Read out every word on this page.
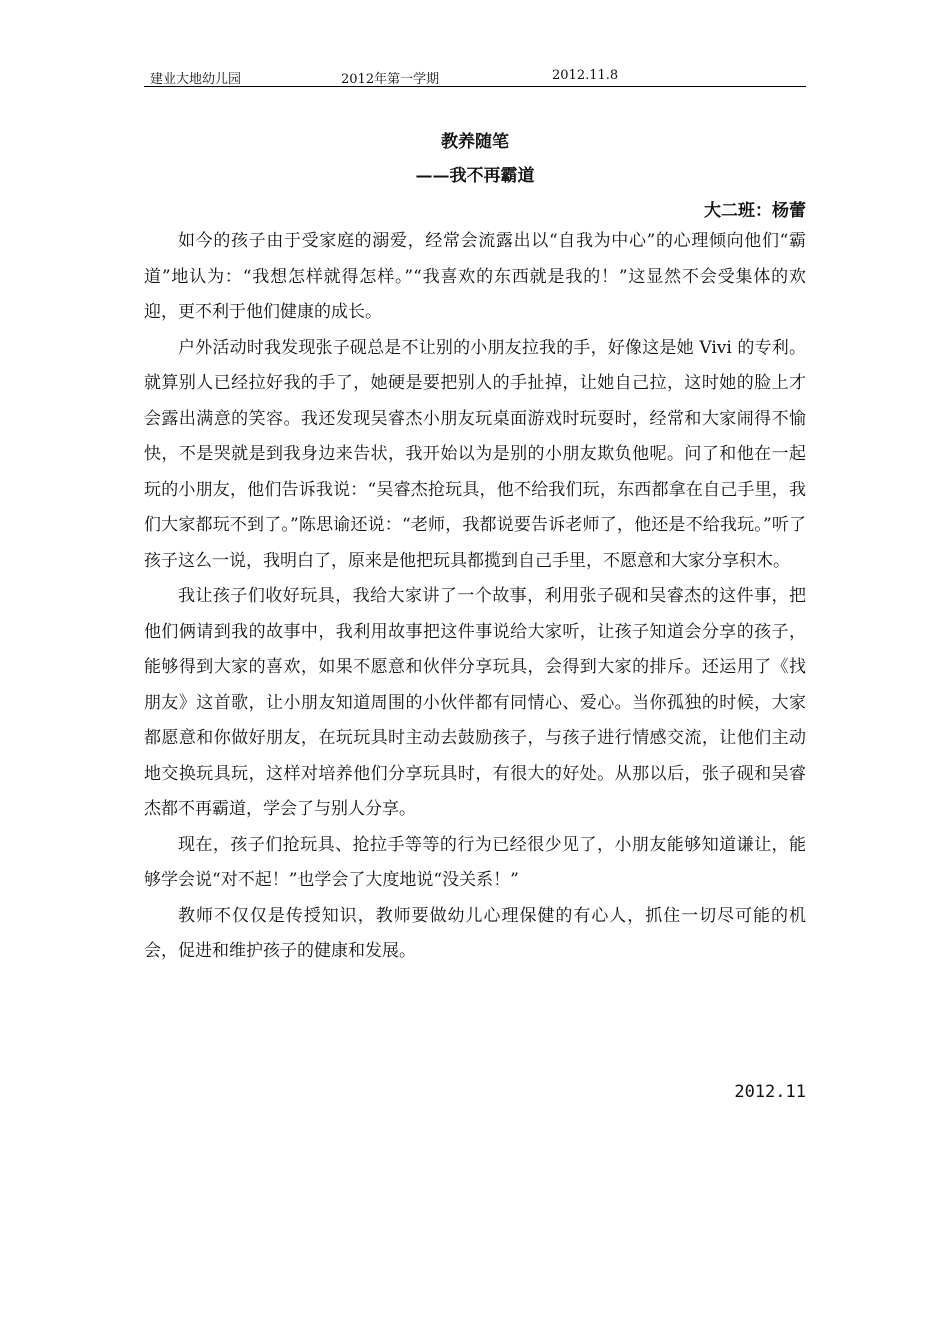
建业大地幼儿园	2012年第一学期	2012.11.8
教养随笔
——我不再霸道
大二班：杨蕾

如今的孩子由于受家庭的溺爱，经常会流露出以“自我为中心”的心理倾向他们“霸道”地认为：“我想怎样就得怎样。”“我喜欢的东西就是我的！”这显然不会受集体的欢迎，更不利于他们健康的成长。

户外活动时我发现张子砚总是不让别的小朋友拉我的手，好像这是她 Vivi 的专利。就算别人已经拉好我的手了，她硬是要把别人的手扯掉，让她自己拉，这时她的脸上才会露出满意的笑容。我还发现吴睿杰小朋友玩桌面游戏时玩耍时，经常和大家闹得不愉快，不是哭就是到我身边来告状，我开始以为是别的小朋友欺负他呢。问了和他在一起玩的小朋友，他们告诉我说：“吴睿杰抢玩具，他不给我们玩，东西都拿在自己手里，我们大家都玩不到了。”陈思谕还说：“老师，我都说要告诉老师了，他还是不给我玩。”听了孩子这么一说，我明白了，原来是他把玩具都揽到自己手里，不愿意和大家分享积木。

我让孩子们收好玩具，我给大家讲了一个故事，利用张子砚和吴睿杰的这件事，把他们俩请到我的故事中，我利用故事把这件事说给大家听，让孩子知道会分享的孩子，能够得到大家的喜欢，如果不愿意和伙伴分享玩具，会得到大家的排斥。还运用了《找朋友》这首歌，让小朋友知道周围的小伙伴都有同情心、爱心。当你孤独的时候，大家都愿意和你做好朋友，在玩玩具时主动去鼓励孩子，与孩子进行情感交流，让他们主动地交换玩具玩，这样对培养他们分享玩具时，有很大的好处。从那以后，张子砚和吴睿杰都不再霸道，学会了与别人分享。

现在，孩子们抢玩具、抢拉手等等的行为已经很少见了，小朋友能够知道谦让，能够学会说“对不起！”也学会了大度地说“没关系！”

教师不仅仅是传授知识，教师要做幼儿心理保健的有心人，抓住一切尽可能的机会，促进和维护孩子的健康和发展。

2012.11
